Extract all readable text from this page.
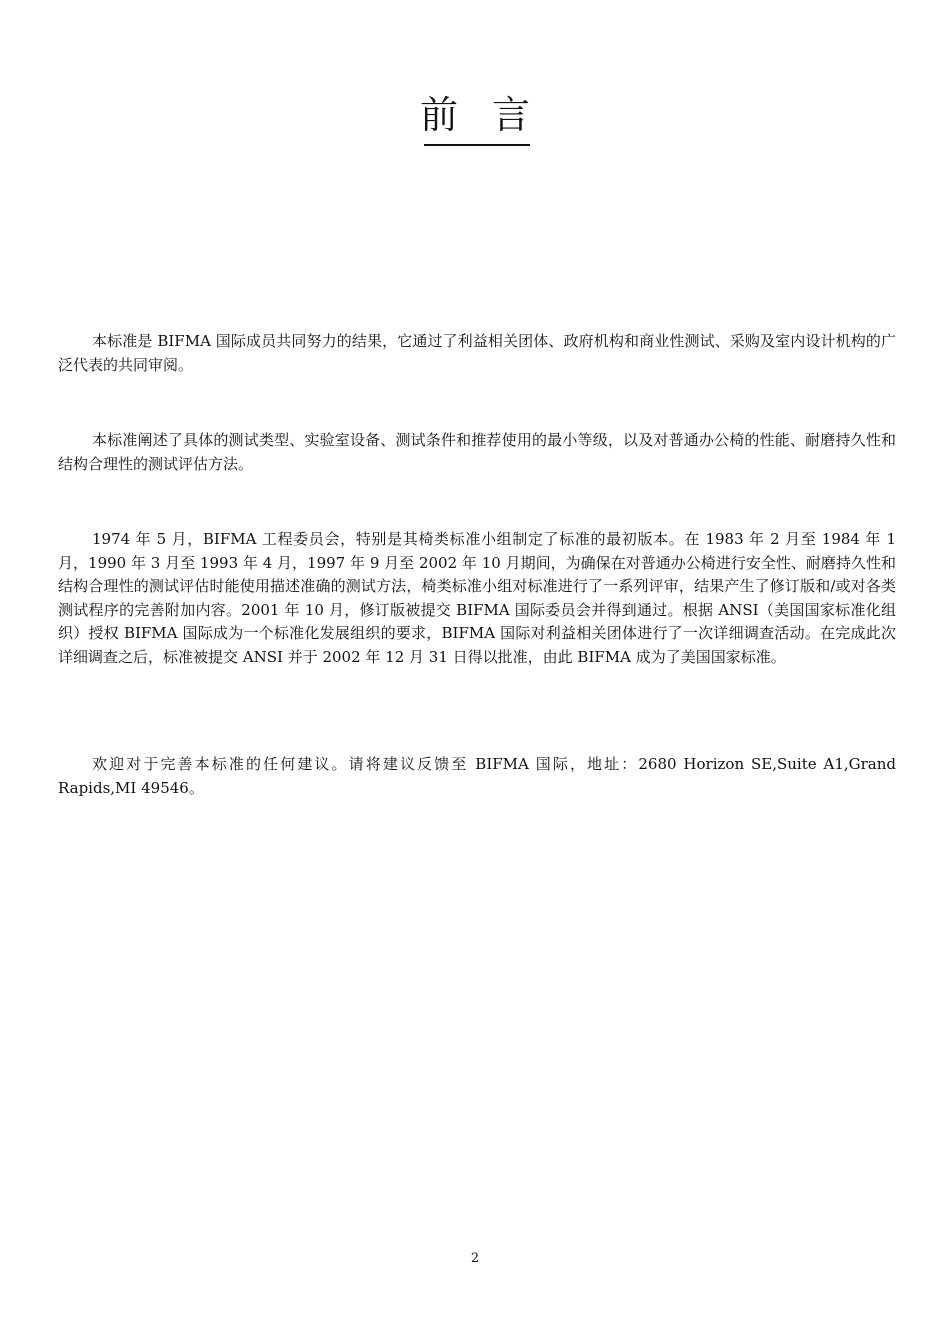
前言

本标准是 BIFMA 国际成员共同努力的结果，它通过了利益相关团体、政府机构和商业性测试、采购及室内设计机构的广泛代表的共同审阅。

本标准阐述了具体的测试类型、实验室设备、测试条件和推荐使用的最小等级，以及对普通办公椅的性能、耐磨持久性和结构合理性的测试评估方法。

1974 年 5 月，BIFMA 工程委员会，特别是其椅类标准小组制定了标准的最初版本。在 1983 年 2 月至 1984 年 1 月，1990 年 3 月至 1993 年 4 月，1997 年 9 月至 2002 年 10 月期间，为确保在对普通办公椅进行安全性、耐磨持久性和结构合理性的测试评估时能使用描述准确的测试方法，椅类标准小组对标准进行了一系列评审，结果产生了修订版和/或对各类测试程序的完善附加内容。2001 年 10 月，修订版被提交 BIFMA 国际委员会并得到通过。根据 ANSI（美国国家标准化组织）授权 BIFMA 国际成为一个标准化发展组织的要求，BIFMA 国际对利益相关团体进行了一次详细调查活动。在完成此次详细调查之后，标准被提交 ANSI 并于 2002 年 12 月 31 日得以批准，由此 BIFMA 成为了美国国家标准。

欢迎对于完善本标准的任何建议。请将建议反馈至 BIFMA 国际，地址：2680 Horizon SE,Suite A1,Grand Rapids,MI 49546。

2
